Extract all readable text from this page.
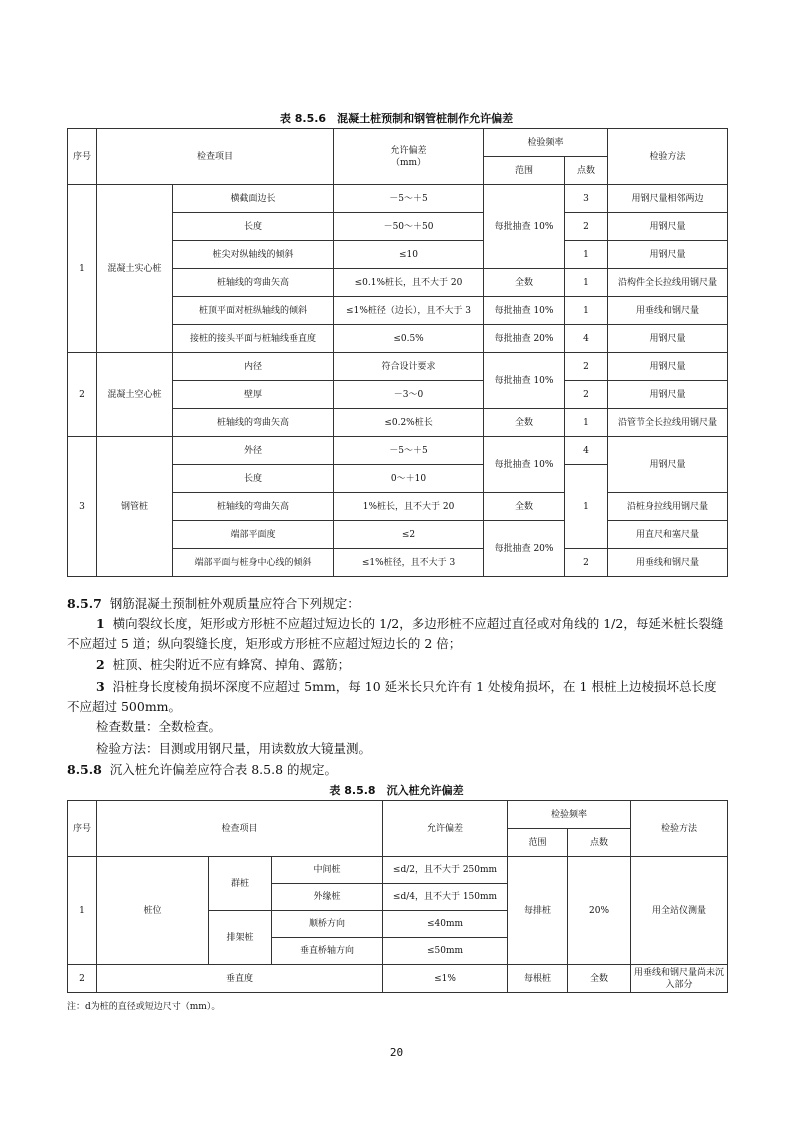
表 8.5.6　混凝土桩预制和钢管桩制作允许偏差
序号	检查项目		允许偏差
（mm）	检验频率		检验方法
				范围	点数	
1	混凝土实心桩	横截面边长	－5～＋5	每批抽查 10%	3	用钢尺量相邻两边
		长度	－50～＋50		2	用钢尺量
		桩尖对纵轴线的倾斜	≤10		1	用钢尺量
		桩轴线的弯曲矢高	≤0.1%桩长，且不大于 20	全数	1	沿构件全长拉线用钢尺量
		桩顶平面对桩纵轴线的倾斜	≤1%桩径（边长），且不大于 3	每批抽查 10%	1	用垂线和钢尺量
		接桩的接头平面与桩轴线垂直度	≤0.5%	每批抽查 20%	4	用钢尺量
2	混凝土空心桩	内径	符合设计要求	每批抽查 10%	2	用钢尺量
		壁厚	－3～0		2	用钢尺量
		桩轴线的弯曲矢高	≤0.2%桩长	全数	1	沿管节全长拉线用钢尺量
3	钢管桩	外径	－5～＋5	每批抽查 10%	4	用钢尺量
		长度	0～＋10		1	
		桩轴线的弯曲矢高	1%桩长，且不大于 20	全数		沿桩身拉线用钢尺量
		端部平面度	≤2	每批抽查 20%		用直尺和塞尺量
		端部平面与桩身中心线的倾斜	≤1%桩径，且不大于 3		2	用垂线和钢尺量
8.5.7 钢筋混凝土预制桩外观质量应符合下列规定：
1 横向裂纹长度，矩形或方形桩不应超过短边长的 1/2，多边形桩不应超过直径或对角线的 1/2，每延米桩长裂缝不应超过 5 道；纵向裂缝长度，矩形或方形桩不应超过短边长的 2 倍；
2 桩顶、桩尖附近不应有蜂窝、掉角、露筋；
3 沿桩身长度棱角损坏深度不应超过 5mm，每 10 延米长只允许有 1 处棱角损坏，在 1 根桩上边棱损坏总长度不应超过 500mm。
检查数量：全数检查。
检验方法：目测或用钢尺量，用读数放大镜量测。
8.5.8 沉入桩允许偏差应符合表 8.5.8 的规定。
表 8.5.8　沉入桩允许偏差
序号	检查项目			允许偏差	检验频率		检验方法
					范围	点数	
1	桩位	群桩	中间桩	≤d/2，且不大于 250mm	每排桩	20%	用全站仪测量
			外缘桩	≤d/4，且不大于 150mm			
		排架桩	顺桥方向	≤40mm			
			垂直桥轴方向	≤50mm			
2	垂直度			≤1%	每根桩	全数	用垂线和钢尺量尚未沉入部分
注：d为桩的直径或短边尺寸（mm）。
20
